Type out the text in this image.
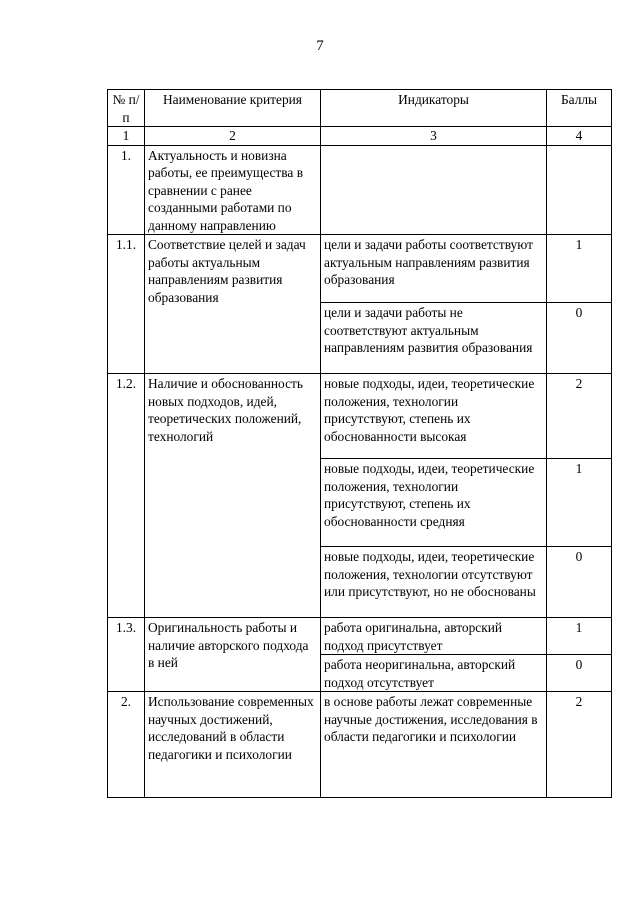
7
№ п/п	Наименование критерия	Индикаторы	Баллы
1	2	3	4
1.	Актуальность и новизна работы, ее преимущества в сравнении с ранее созданными работами по данному направлению		
1.1.	Соответствие целей и задач работы актуальным направлениям развития образования	цели и задачи работы соответствуют актуальным направлениям развития образования	1
		цели и задачи работы не соответствуют актуальным направлениям развития образования	0
1.2.	Наличие и обоснованность новых подходов, идей, теоретических положений, технологий	новые подходы, идеи, теоретические положения, технологии присутствуют, степень их обоснованности высокая	2
		новые подходы, идеи, теоретические положения, технологии присутствуют, степень их обоснованности средняя	1
		новые подходы, идеи, теоретические положения, технологии отсутствуют или присутствуют, но не обоснованы	0
1.3.	Оригинальность работы и наличие авторского подхода в ней	работа оригинальна, авторский подход присутствует	1
		работа неоригинальна, авторский подход отсутствует	0
2.	Использование современных научных достижений, исследований в области педагогики и психологии	в основе работы лежат современные научные достижения, исследования в области педагогики и психологии	2
